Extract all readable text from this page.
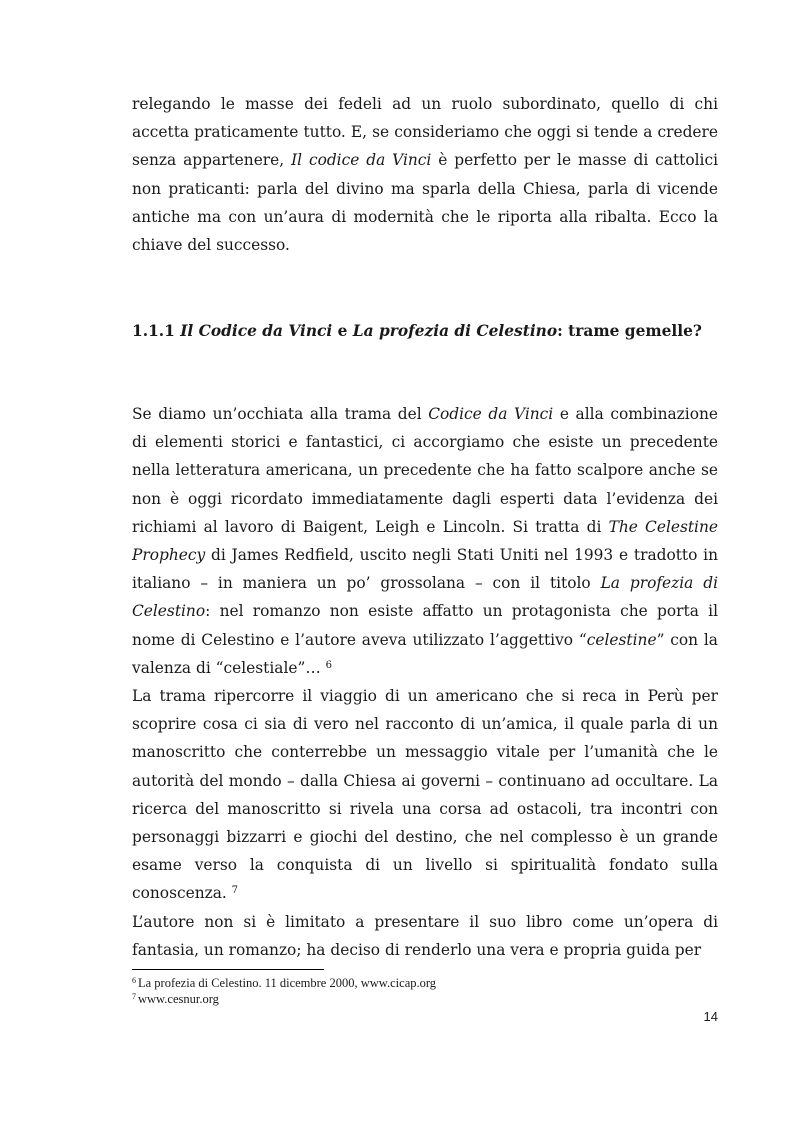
relegando le masse dei fedeli ad un ruolo subordinato, quello di chi accetta praticamente tutto. E, se consideriamo che oggi si tende a credere senza appartenere, Il codice da Vinci è perfetto per le masse di cattolici non praticanti: parla del divino ma sparla della Chiesa, parla di vicende antiche ma con un’aura di modernità che le riporta alla ribalta. Ecco la chiave del successo.

1.1.1 Il Codice da Vinci e La profezia di Celestino: trame gemelle?

Se diamo un’occhiata alla trama del Codice da Vinci e alla combinazione di elementi storici e fantastici, ci accorgiamo che esiste un precedente nella letteratura americana, un precedente che ha fatto scalpore anche se non è oggi ricordato immediatamente dagli esperti data l’evidenza dei richiami al lavoro di Baigent, Leigh e Lincoln. Si tratta di The Celestine Prophecy di James Redfield, uscito negli Stati Uniti nel 1993 e tradotto in italiano – in maniera un po’ grossolana – con il titolo La profezia di Celestino: nel romanzo non esiste affatto un protagonista che porta il nome di Celestino e l’autore aveva utilizzato l’aggettivo “celestine” con la valenza di “celestiale”… $^6$

La trama ripercorre il viaggio di un americano che si reca in Perù per scoprire cosa ci sia di vero nel racconto di un’amica, il quale parla di un manoscritto che conterrebbe un messaggio vitale per l’umanità che le autorità del mondo – dalla Chiesa ai governi – continuano ad occultare. La ricerca del manoscritto si rivela una corsa ad ostacoli, tra incontri con personaggi bizzarri e giochi del destino, che nel complesso è un grande esame verso la conquista di un livello si spiritualità fondato sulla conoscenza. $^7$

L’autore non si è limitato a presentare il suo libro come un’opera di fantasia, un romanzo; ha deciso di renderlo una vera e propria guida per

$^6$ La profezia di Celestino. 11 dicembre 2000, www.cicap.org
$^7$ www.cesnur.org
14
